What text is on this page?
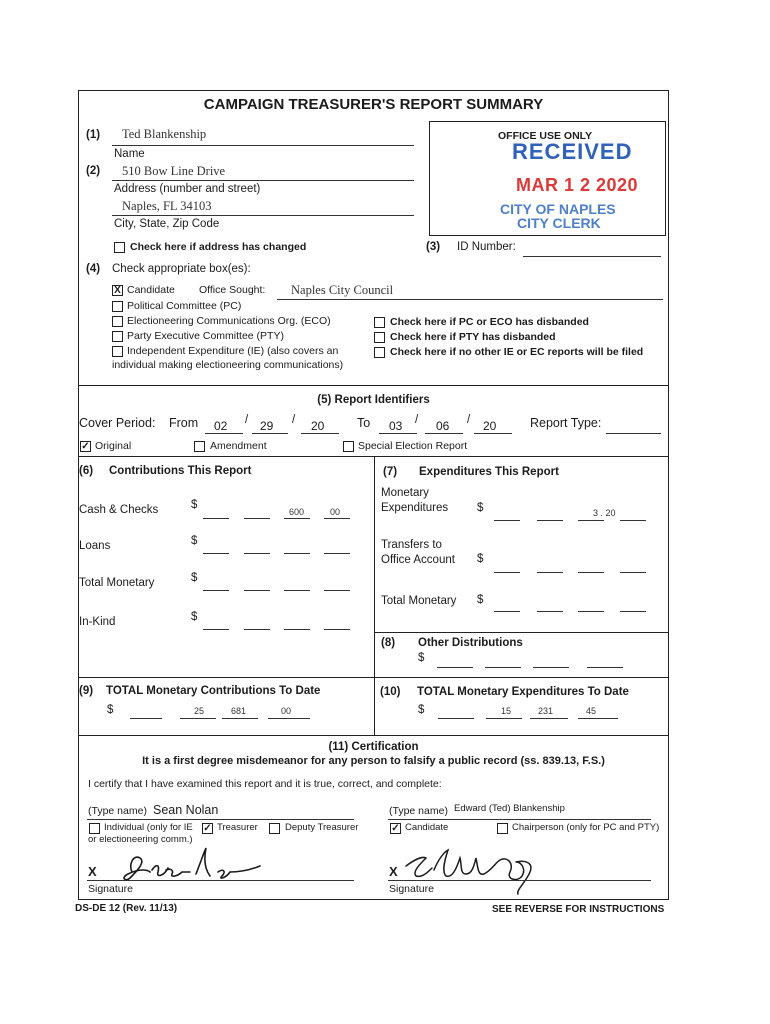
CAMPAIGN TREASURER'S REPORT SUMMARY
(1) Ted Blankenship
Name
(2) 510 Bow Line Drive
Address (number and street)
Naples, FL 34103
City, State, Zip Code
Check here if address has changed
OFFICE USE ONLY
RECEIVED
MAR 1 2 2020
CITY OF NAPLES
CITY CLERK
(3) ID Number:
(4) Check appropriate box(es):
X Candidate Office Sought: Naples City Council
Political Committee (PC)
Electioneering Communications Org. (ECO)
Party Executive Committee (PTY)
Independent Expenditure (IE) (also covers an
individual making electioneering communications)
Check here if PC or ECO has disbanded
Check here if PTY has disbanded
Check here if no other IE or EC reports will be filed
(5) Report Identifiers
Cover Period: From 02 / 29 / 20	To 03 / 06 / 20	Report Type:
✓ Original	Amendment	Special Election Report
(6) Contributions This Report
Cash & Checks	$
600	00
Loans	$
Total Monetary	$
In-Kind	$
(7) Expenditures This Report
Monetary
Expenditures	$	3 . 20
Transfers to
Office Account $
Total Monetary $
(8) Other Distributions
$
(9) TOTAL Monetary Contributions To Date
$	25	681	00
(10) TOTAL Monetary Expenditures To Date
$	15	231	45
(11) Certification
It is a first degree misdemeanor for any person to falsify a public record (ss. 839.13, F.S.)
I certify that I have examined this report and it is true, correct, and complete:
(Type name) Sean Nolan
Individual (only for IE
or electioneering comm.)
✓ Treasurer	Deputy Treasurer
X
Signature
(Type name) Edward (Ted) Blankenship
✓ Candidate	Chairperson (only for PC and PTY)
X
Signature
DS-DE 12 (Rev. 11/13)	SEE REVERSE FOR INSTRUCTIONS
